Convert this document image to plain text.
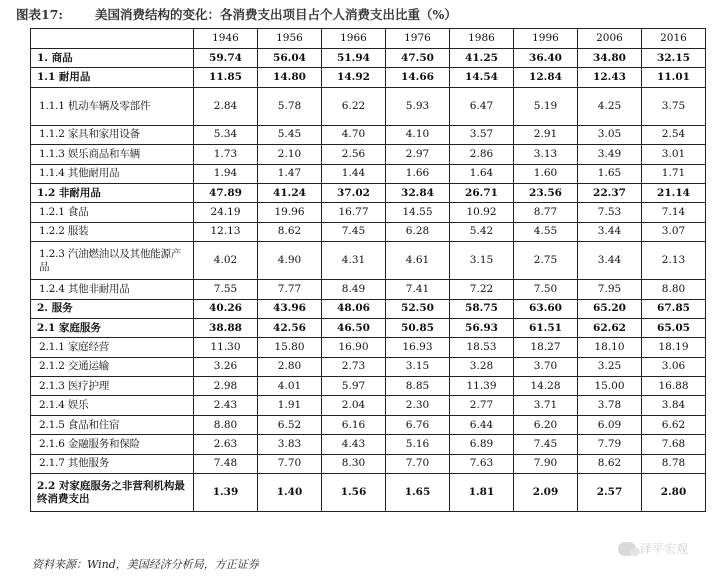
图表17:	美国消费结构的变化：各消费支出项目占个人消费支出比重（%）
	1946	1956	1966	1976	1986	1996	2006	2016
1. 商品	59.74	56.04	51.94	47.50	41.25	36.40	34.80	32.15
1.1 耐用品	11.85	14.80	14.92	14.66	14.54	12.84	12.43	11.01
1.1.1 机动车辆及零部件	2.84	5.78	6.22	5.93	6.47	5.19	4.25	3.75
1.1.2 家具和家用设备	5.34	5.45	4.70	4.10	3.57	2.91	3.05	2.54
1.1.3 娱乐商品和车辆	1.73	2.10	2.56	2.97	2.86	3.13	3.49	3.01
1.1.4 其他耐用品	1.94	1.47	1.44	1.66	1.64	1.60	1.65	1.71
1.2 非耐用品	47.89	41.24	37.02	32.84	26.71	23.56	22.37	21.14
1.2.1 食品	24.19	19.96	16.77	14.55	10.92	8.77	7.53	7.14
1.2.2 服装	12.13	8.62	7.45	6.28	5.42	4.55	3.44	3.07
1.2.3 汽油燃油以及其他能源产品	4.02	4.90	4.31	4.61	3.15	2.75	3.44	2.13
1.2.4 其他非耐用品	7.55	7.77	8.49	7.41	7.22	7.50	7.95	8.80
2. 服务	40.26	43.96	48.06	52.50	58.75	63.60	65.20	67.85
2.1 家庭服务	38.88	42.56	46.50	50.85	56.93	61.51	62.62	65.05
2.1.1 家庭经营	11.30	15.80	16.90	16.93	18.53	18.27	18.10	18.19
2.1.2 交通运输	3.26	2.80	2.73	3.15	3.28	3.70	3.25	3.06
2.1.3 医疗护理	2.98	4.01	5.97	8.85	11.39	14.28	15.00	16.88
2.1.4 娱乐	2.43	1.91	2.04	2.30	2.77	3.71	3.78	3.84
2.1.5 食品和住宿	8.80	6.52	6.16	6.76	6.44	6.20	6.09	6.62
2.1.6 金融服务和保险	2.63	3.83	4.43	5.16	6.89	7.45	7.79	7.68
2.1.7 其他服务	7.48	7.70	8.30	7.70	7.63	7.90	8.62	8.78
2.2 对家庭服务之非营利机构最终消费支出	1.39	1.40	1.56	1.65	1.81	2.09	2.57	2.80
资料来源：Wind，美国经济分析局，方正证券
泽平宏观
